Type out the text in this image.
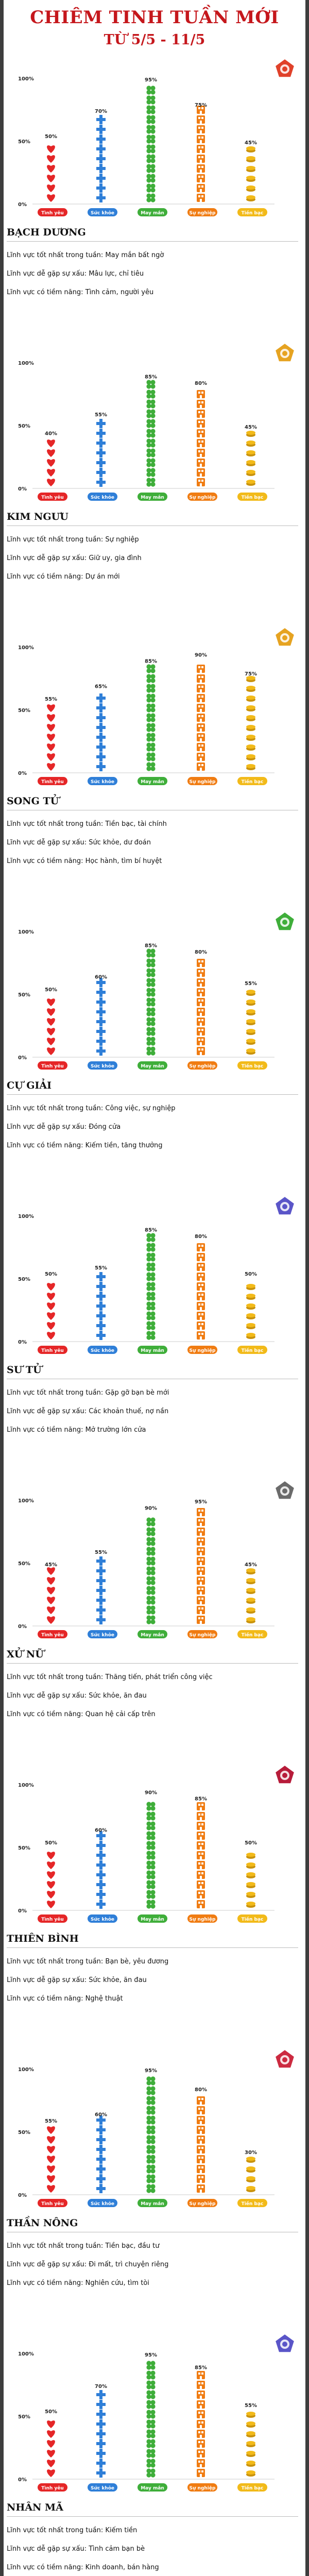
CHIÊM TINH TUẦN MỚI
TỪ 5/5 - 11/5
100%
50%
0%
50%
Tình yêu
70%
Sức khỏe
95%
May mắn
75%
Sự nghiệp
45%
Tiền bạc
BẠCH DƯƠNG
Lĩnh vực tốt nhất trong tuần: May mắn bất ngờ
Lĩnh vực dễ gặp sự xấu: Mâu lực, chỉ tiêu
Lĩnh vực có tiềm năng: Tình cảm, người yêu
100%
50%
0%
40%
Tình yêu
55%
Sức khỏe
85%
May mắn
80%
Sự nghiệp
45%
Tiền bạc
KIM NGƯU
Lĩnh vực tốt nhất trong tuần: Sự nghiệp
Lĩnh vực dễ gặp sự xấu: Giữ uy, gia đình
Lĩnh vực có tiềm năng: Dự án mới
100%
50%
0%
55%
Tình yêu
65%
Sức khỏe
85%
May mắn
90%
Sự nghiệp
75%
Tiền bạc
SONG TỬ
Lĩnh vực tốt nhất trong tuần: Tiền bạc, tài chính
Lĩnh vực dễ gặp sự xấu: Sức khỏe, dư đoán
Lĩnh vực có tiềm năng: Học hành, tìm bí huyệt
100%
50%
0%
50%
Tình yêu
60%
Sức khỏe
85%
May mắn
80%
Sự nghiệp
55%
Tiền bạc
CỰ GIẢI
Lĩnh vực tốt nhất trong tuần: Công việc, sự nghiệp
Lĩnh vực dễ gặp sự xấu: Đóng cửa
Lĩnh vực có tiềm năng: Kiếm tiền, tăng thưởng
100%
50%
0%
50%
Tình yêu
55%
Sức khỏe
85%
May mắn
80%
Sự nghiệp
50%
Tiền bạc
SƯ TỬ
Lĩnh vực tốt nhất trong tuần: Gặp gỡ bạn bè mới
Lĩnh vực dễ gặp sự xấu: Các khoản thuế, nợ nần
Lĩnh vực có tiềm năng: Mở trường lớn cửa
100%
50%
0%
45%
Tình yêu
55%
Sức khỏe
90%
May mắn
95%
Sự nghiệp
45%
Tiền bạc
XỬ NỮ
Lĩnh vực tốt nhất trong tuần: Thăng tiến, phát triển công việc
Lĩnh vực dễ gặp sự xấu: Sức khỏe, ăn đau
Lĩnh vực có tiềm năng: Quan hệ cải cấp trên
100%
50%
0%
50%
Tình yêu
60%
Sức khỏe
90%
May mắn
85%
Sự nghiệp
50%
Tiền bạc
THIÊN BÌNH
Lĩnh vực tốt nhất trong tuần: Bạn bè, yêu đương
Lĩnh vực dễ gặp sự xấu: Sức khỏe, ăn đau
Lĩnh vực có tiềm năng: Nghệ thuật
100%
50%
0%
55%
Tình yêu
60%
Sức khỏe
95%
May mắn
80%
Sự nghiệp
30%
Tiền bạc
THẦN NÔNG
Lĩnh vực tốt nhất trong tuần: Tiền bạc, đầu tư
Lĩnh vực dễ gặp sự xấu: Đi mất, trì chuyện riêng
Lĩnh vực có tiềm năng: Nghiên cứu, tìm tòi
100%
50%
0%
50%
Tình yêu
70%
Sức khỏe
95%
May mắn
85%
Sự nghiệp
55%
Tiền bạc
NHÂN MÃ
Lĩnh vực tốt nhất trong tuần: Kiếm tiền
Lĩnh vực dễ gặp sự xấu: Tình cảm bạn bè
Lĩnh vực có tiềm năng: Kinh doanh, bán hàng
